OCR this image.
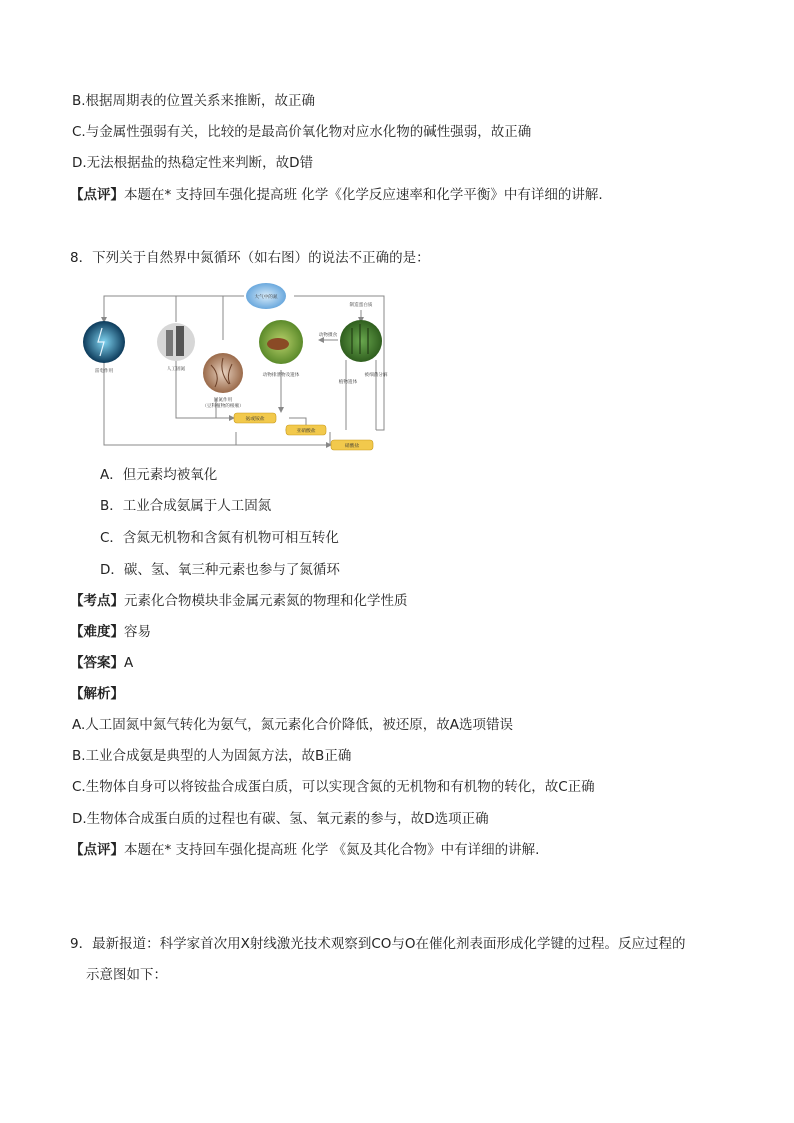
B.根据周期表的位置关系来推断，故正确
C.与金属性强弱有关，比较的是最高价氧化物对应水化物的碱性强弱，故正确
D.无法根据盐的热稳定性来判断，故D错
【点评】本题在* 支持回车强化提高班 化学《化学反应速率和化学平衡》中有详细的讲解.
8．下列关于自然界中氮循环（如右图）的说法不正确的是：
大气中的氮
雷电作用	人工固氮
固氮作用
（豆科植物的根瘤）
动物排泄物及遗体
动物摄食
制造蛋白质
植物遗体
被细菌分解
氨或铵盐
亚硝酸盐
硝酸盐
A．但元素均被氧化
B．工业合成氨属于人工固氮
C．含氮无机物和含氮有机物可相互转化
D．碳、氢、氧三种元素也参与了氮循环
【考点】元素化合物模块非金属元素氮的物理和化学性质
【难度】容易
【答案】A
【解析】
A.人工固氮中氮气转化为氨气，氮元素化合价降低，被还原，故A选项错误
B.工业合成氨是典型的人为固氮方法，故B正确
C.生物体自身可以将铵盐合成蛋白质，可以实现含氮的无机物和有机物的转化，故C正确
D.生物体合成蛋白质的过程也有碳、氢、氧元素的参与，故D选项正确
【点评】本题在* 支持回车强化提高班 化学 《氮及其化合物》中有详细的讲解.
9．最新报道：科学家首次用X射线激光技术观察到CO与O在催化剂表面形成化学键的过程。反应过程的
示意图如下：
